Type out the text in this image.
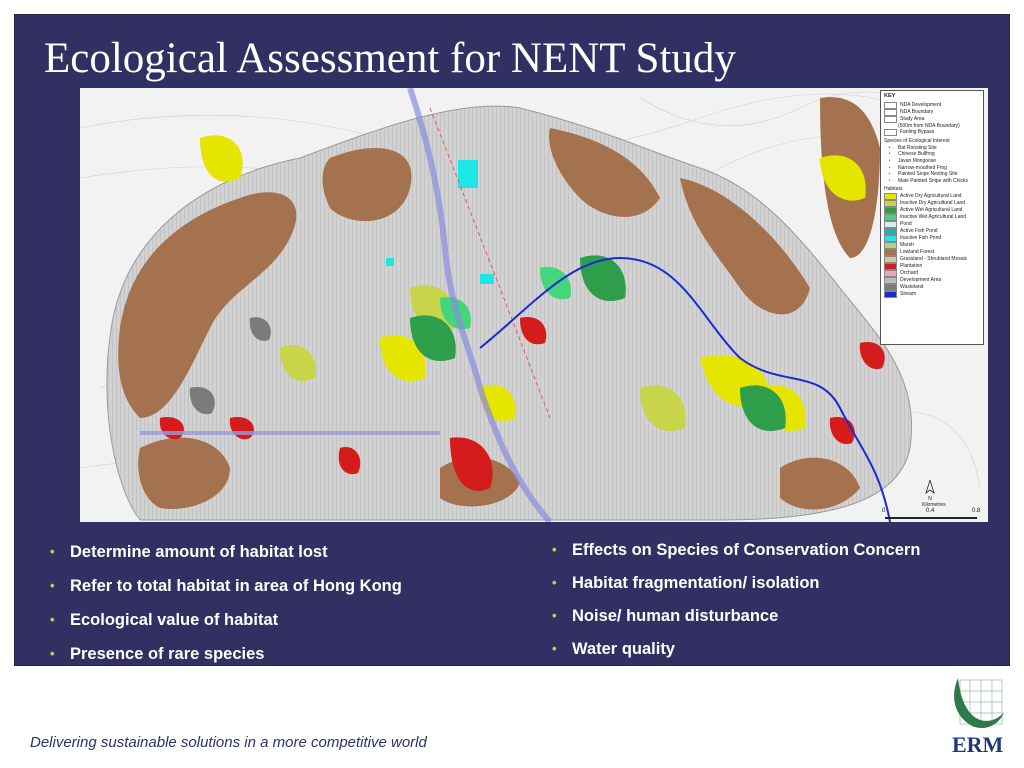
Ecological Assessment for NENT Study
KEY
NDA Development
NDA Boundary
Study Area
(500m from NDA Boundary)
Fanling Bypass
Species of Ecological Interest
•	Bat Roosting Site
•	Chinese Bullfrog
•	Javan Mongoose
•	Narrow-mouthed Frog
•	Painted Snipe Nesting Site
•	Male Painted Snipe with Chicks
Habitats
Active Dry Agricultural Land
Inactive Dry Agricultural Land
Active Wet Agricultural Land
Inactive Wet Agricultural Land
Pond
Active Fish Pond
Inactive Fish Pond
Marsh
Lowland Forest
Grassland - Shrubland Mosaic
Plantation
Orchard
Development Area
Wasteland
Stream
N
Kilometres
0	0.4	0.8
• Determine amount of habitat lost
• Refer to total habitat in area of Hong Kong
• Ecological value of habitat
• Presence of rare species
• Effects on Species of Conservation Concern
• Habitat fragmentation/ isolation
• Noise/ human disturbance
• Water quality
Delivering sustainable solutions in a more competitive world	ERM
